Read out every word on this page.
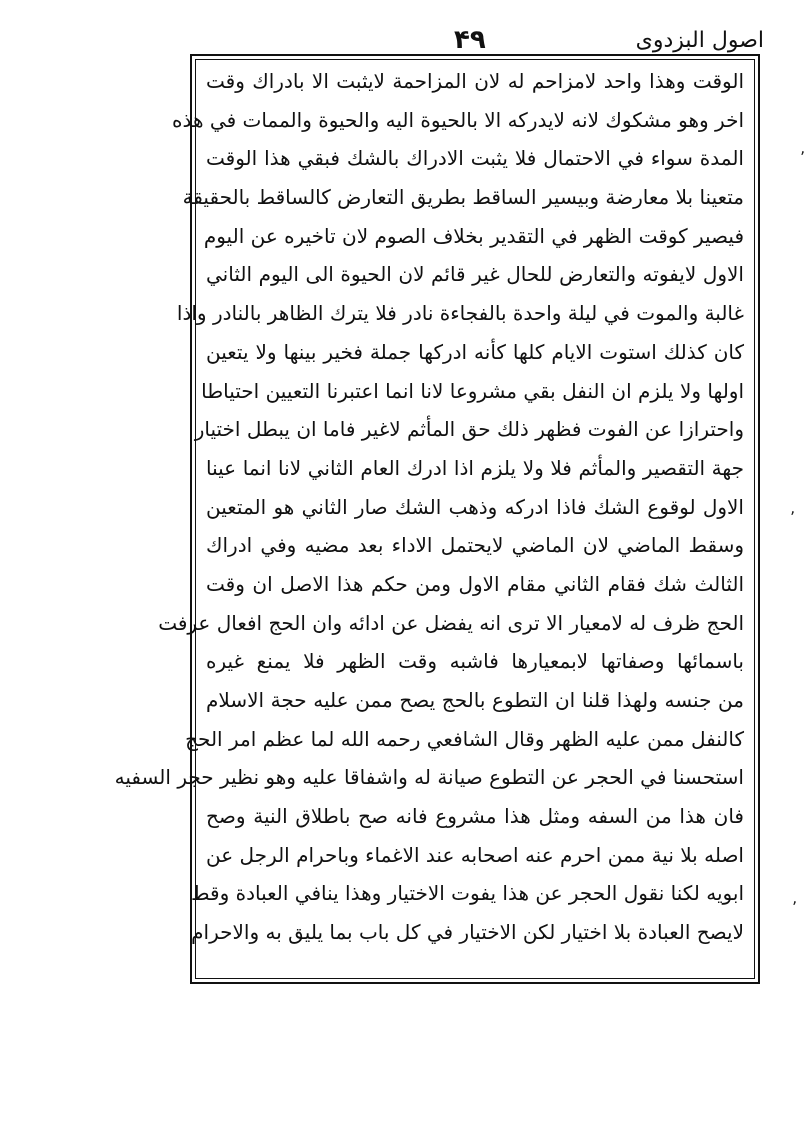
۴۹	اصول البزدوی
الوقت وهذا واحد لامزاحم له لان المزاحمة لايثبت الا بادراك وقت
اخر وهو مشكوك لانه لايدركه الا بالحيوة اليه والحيوة والممات في هذه
المدة سواء في الاحتمال فلا يثبت الادراك بالشك فبقي هذا الوقت
متعينا بلا معارضة وبيسير الساقط بطريق التعارض كالساقط بالحقيقة
فيصير كوقت الظهر في التقدير بخلاف الصوم لان تاخيره عن اليوم
الاول لايفوته والتعارض للحال غير قائم لان الحيوة الى اليوم الثاني
غالبة والموت في ليلة واحدة بالفجاءة نادر فلا يترك الظاهر بالنادر واذا
كان كذلك استوت الايام كلها كأنه ادركها جملة فخير بينها ولا يتعين
اولها ولا يلزم ان النفل بقي مشروعا لانا انما اعتبرنا التعيين احتياطا
واحترازا عن الفوت فظهر ذلك حق المأثم لاغير فاما ان يبطل اختيار
جهة التقصير والمأثم فلا ولا يلزم اذا ادرك العام الثاني لانا انما عينا
الاول لوقوع الشك فاذا ادركه وذهب الشك صار الثاني هو المتعين
وسقط الماضي لان الماضي لايحتمل الاداء بعد مضيه وفي ادراك
الثالث شك فقام الثاني مقام الاول ومن حكم هذا الاصل ان وقت
الحج ظرف له لامعيار الا ترى انه يفضل عن ادائه وان الحج افعال عرفت
باسمائها وصفاتها لابمعيارها فاشبه وقت الظهر فلا يمنع غيره
من جنسه ولهذا قلنا ان التطوع بالحج يصح ممن عليه حجة الاسلام
كالنفل ممن عليه الظهر وقال الشافعي رحمه الله لما عظم امر الحج
استحسنا في الحجر عن التطوع صيانة له واشفاقا عليه وهو نظير حجر السفيه
فان هذا من السفه ومثل هذا مشروع فانه صح باطلاق النية وصح
اصله بلا نية ممن احرم عنه اصحابه عند الاغماء وباحرام الرجل عن
ابويه لكنا نقول الحجر عن هذا يفوت الاختيار وهذا ينافي العبادة وقط
لايصح العبادة بلا اختيار لكن الاختيار في كل باب بما يليق به والاحرام
ʼ
ʼ
ʼ
